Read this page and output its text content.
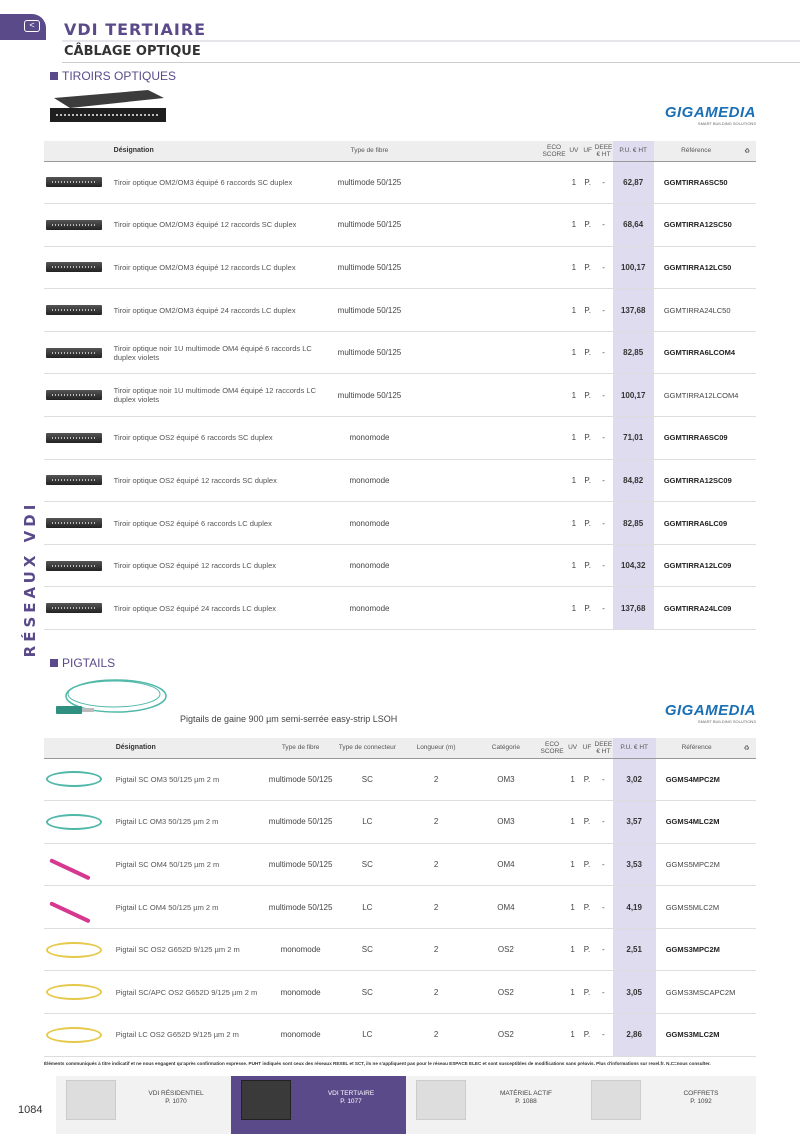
<	VDI TERTIAIRE
CÂBLAGE OPTIQUE
RÉSEAUX VDI
TIROIRS OPTIQUES
GIGAMEDIA
SMART BUILDING SOLUTIONS
	Désignation	Type de fibre		ECO SCORE	UV	UF	DEEE € HT	P.U. € HT	Référence	♻

	Tiroir optique OM2/OM3 équipé 6 raccords SC duplex	multimode 50/125			1	P.	-	62,87	GGMTIRRA6SC50	

	Tiroir optique OM2/OM3 équipé 12 raccords SC duplex	multimode 50/125			1	P.	-	68,64	GGMTIRRA12SC50	

	Tiroir optique OM2/OM3 équipé 12 raccords LC duplex	multimode 50/125			1	P.	-	100,17	GGMTIRRA12LC50	

	Tiroir optique OM2/OM3 équipé 24 raccords LC duplex	multimode 50/125			1	P.	-	137,68	GGMTIRRA24LC50	

	Tiroir optique noir 1U multimode OM4 équipé 6 raccords LC duplex violets	multimode 50/125			1	P.	-	82,85	GGMTIRRA6LCOM4	

	Tiroir optique noir 1U multimode OM4 équipé 12 raccords LC duplex violets	multimode 50/125			1	P.	-	100,17	GGMTIRRA12LCOM4	

	Tiroir optique OS2 équipé 6 raccords SC duplex	monomode			1	P.	-	71,01	GGMTIRRA6SC09	

	Tiroir optique OS2 équipé 12 raccords SC duplex	monomode			1	P.	-	84,82	GGMTIRRA12SC09	

	Tiroir optique OS2 équipé 6 raccords LC duplex	monomode			1	P.	-	82,85	GGMTIRRA6LC09	

	Tiroir optique OS2 équipé 12 raccords LC duplex	monomode			1	P.	-	104,32	GGMTIRRA12LC09	

	Tiroir optique OS2 équipé 24 raccords LC duplex	monomode			1	P.	-	137,68	GGMTIRRA24LC09	
PIGTAILS
Pigtails de gaine 900 µm semi-serrée easy-strip LSOH	GIGAMEDIA
SMART BUILDING SOLUTIONS
	Désignation	Type de fibre	Type de connecteur	Longueur (m)	Catégorie	ECO SCORE	UV	UF	DEEE € HT	P.U. € HT	Référence	♻

	Pigtail SC OM3 50/125 µm 2 m	multimode 50/125	SC	2	OM3		1	P.	-	3,02	GGMS4MPC2M	

	Pigtail LC OM3 50/125 µm 2 m	multimode 50/125	LC	2	OM3		1	P.	-	3,57	GGMS4MLC2M	

	Pigtail SC OM4 50/125 µm 2 m	multimode 50/125	SC	2	OM4		1	P.	-	3,53	GGMS5MPC2M	

	Pigtail LC OM4 50/125 µm 2 m	multimode 50/125	LC	2	OM4		1	P.	-	4,19	GGMS5MLC2M	

	Pigtail SC OS2 G652D 9/125 µm 2 m	monomode	SC	2	OS2		1	P.	-	2,51	GGMS3MPC2M	

	Pigtail SC/APC OS2 G652D 9/125 µm 2 m	monomode	SC	2	OS2		1	P.	-	3,05	GGMS3MSCAPC2M	

	Pigtail LC OS2 G652D 9/125 µm 2 m	monomode	LC	2	OS2		1	P.	-	2,86	GGMS3MLC2M	
Éléments communiqués à titre indicatif et ne nous engagent qu'après confirmation expresse. PUHT indiqués sont ceux des réseaux REXEL et SCT, ils ne s'appliquent pas pour le réseau ESPACE ELEC et sont susceptibles de modifications sans préavis. Plus d'informations sur rexel.fr. N.C=nous consulter.
1084
VDI RÉSIDENTIEL
P. 1070
VDI TERTIAIRE
P. 1077
MATÉRIEL ACTIF
P. 1088
COFFRETS
P. 1092
